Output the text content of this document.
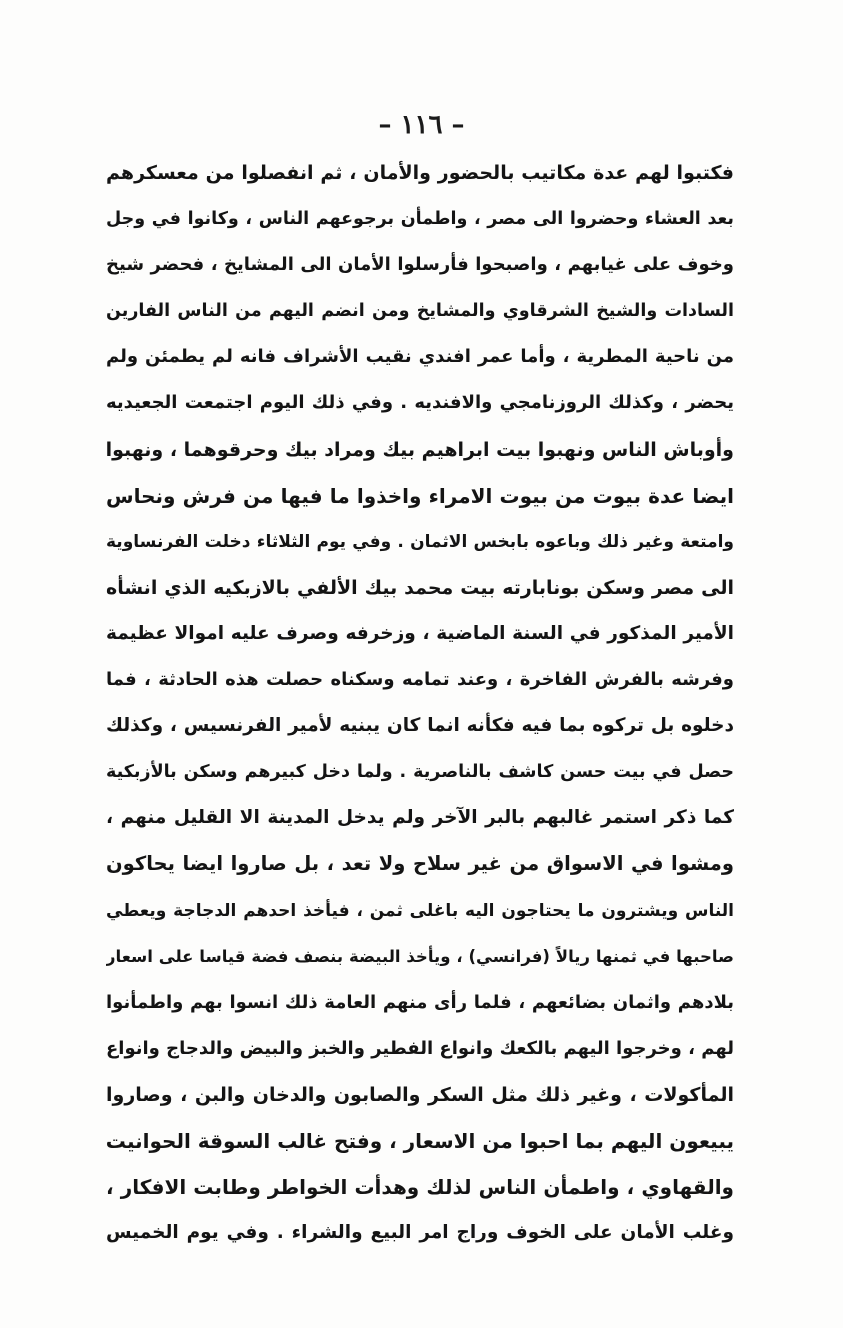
– ١١٦ –
فكتبوا لهم عدة مكاتيب بالحضور والأمان ، ثم انفصلوا من معسكرهم
بعد العشاء وحضروا الى مصر ، واطمأن برجوعهم الناس ، وكانوا في وجل
وخوف على غيابهم ، واصبحوا فأرسلوا الأمان الى المشايخ ، فحضر شيخ
السادات والشيخ الشرقاوي والمشايخ ومن انضم اليهم من الناس الفارين
من ناحية المطرية ، وأما عمر افندي نقيب الأشراف فانه لم يطمئن ولم
يحضر ، وكذلك الروزنامجي والافنديه . وفي ذلك اليوم اجتمعت الجعيديه
وأوباش الناس ونهبوا بيت ابراهيم بيك ومراد بيك وحرقوهما ، ونهبوا
ايضا عدة بيوت من بيوت الامراء واخذوا ما فيها من فرش ونحاس
وامتعة وغير ذلك وباعوه بابخس الاثمان . وفي يوم الثلاثاء دخلت الفرنساوية
الى مصر وسكن بونابارته بيت محمد بيك الألفي بالازبكيه الذي انشأه
الأمير المذكور في السنة الماضية ، وزخرفه وصرف عليه اموالا عظيمة
وفرشه بالفرش الفاخرة ، وعند تمامه وسكناه حصلت هذه الحادثة ، فما
دخلوه بل تركوه بما فيه فكأنه انما كان يبنيه لأمير الفرنسيس ، وكذلك
حصل في بيت حسن كاشف بالناصرية . ولما دخل كبيرهم وسكن بالأزبكية
كما ذكر استمر غالبهم بالبر الآخر ولم يدخل المدينة الا القليل منهم ،
ومشوا في الاسواق من غير سلاح ولا تعد ، بل صاروا ايضا يحاكون
الناس ويشترون ما يحتاجون اليه باغلى ثمن ، فيأخذ احدهم الدجاجة ويعطي
صاحبها في ثمنها ريالاً (فرانسي) ، ويأخذ البيضة بنصف فضة قياسا على اسعار
بلادهم واثمان بضائعهم ، فلما رأى منهم العامة ذلك انسوا بهم واطمأنوا
لهم ، وخرجوا اليهم بالكعك وانواع الفطير والخبز والبيض والدجاج وانواع
المأكولات ، وغير ذلك مثل السكر والصابون والدخان والبن ، وصاروا
يبيعون اليهم بما احبوا من الاسعار ، وفتح غالب السوقة الحوانيت
والقهاوي ، واطمأن الناس لذلك وهدأت الخواطر وطابت الافكار ،
وغلب الأمان على الخوف وراج امر البيع والشراء . وفي يوم الخميس
